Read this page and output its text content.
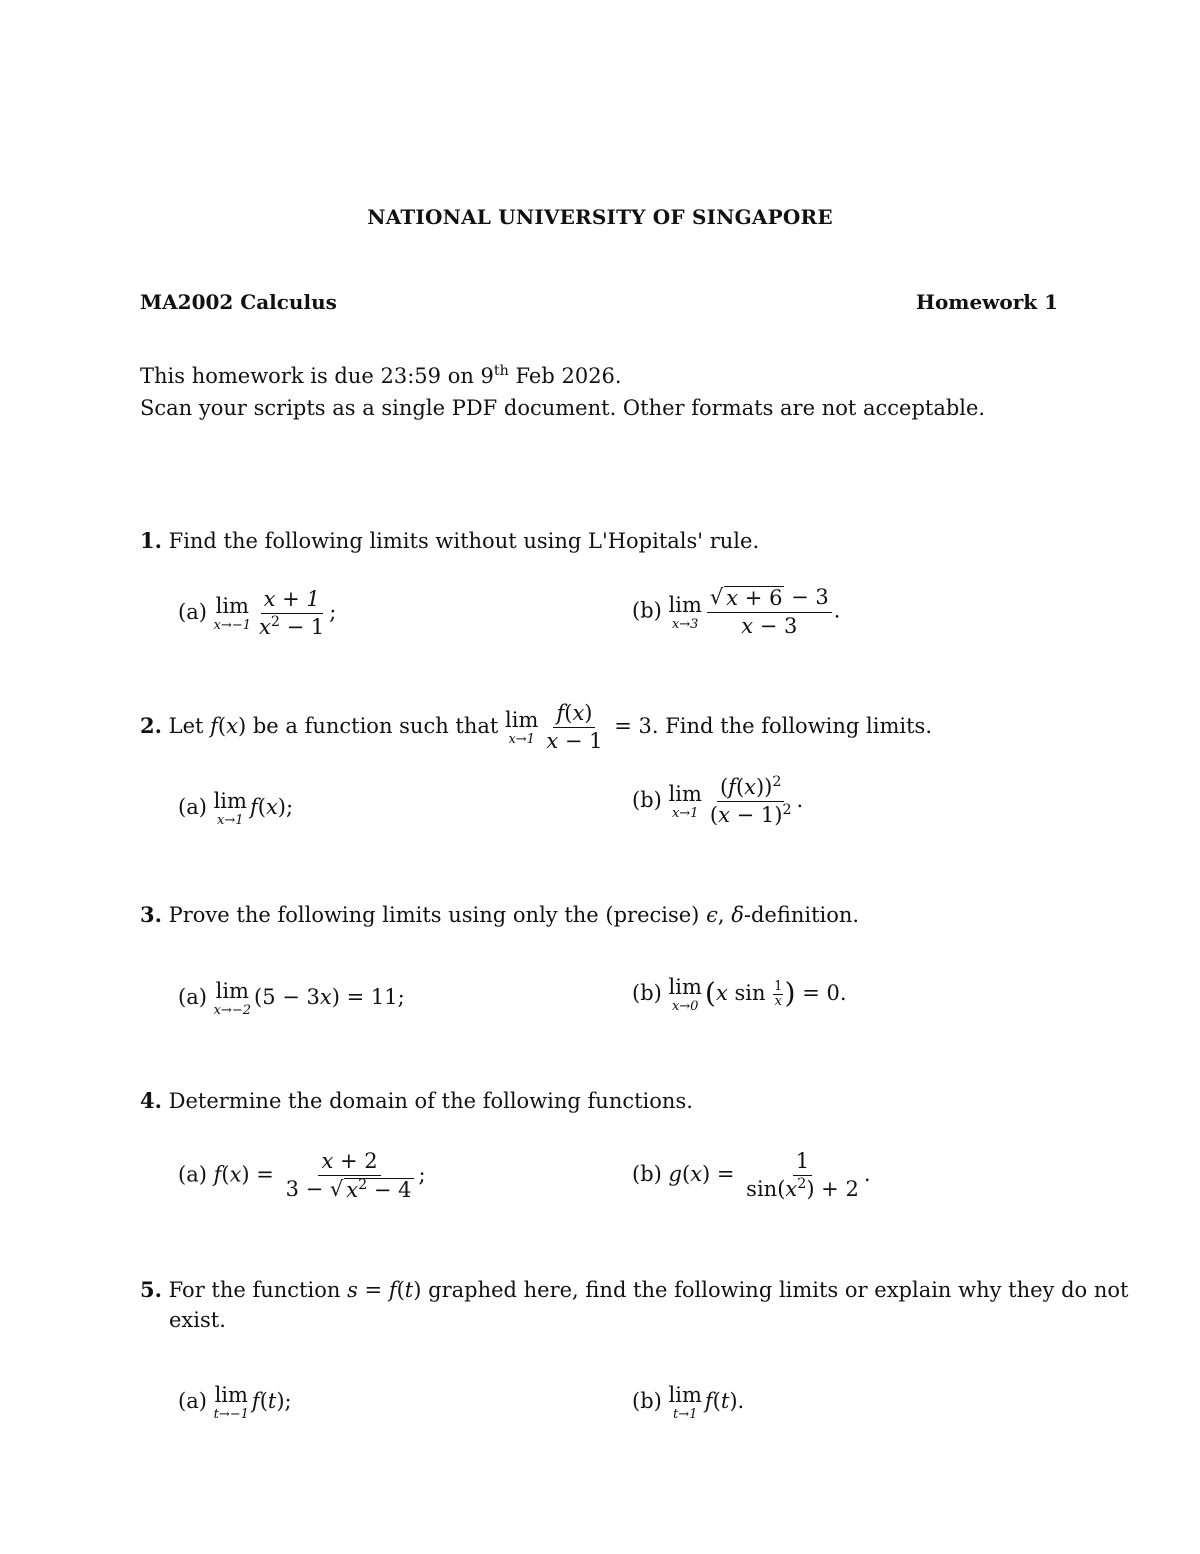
NATIONAL UNIVERSITY OF SINGAPORE
MA2002 Calculus	Homework 1
This homework is due 23:59 on 9th Feb 2026.
Scan your scripts as a single PDF document. Other formats are not acceptable.
1. Find the following limits without using L'Hopitals' rule.
(a) lim
$x\to-1 \frac{x + 1}{x^2 - 1}$ ;	(b) lim
$x\to 3 \frac{√ x + 6 - 3}{x - 3}$ .
2. Let f(x) be a function such that lim
$x\to 1 \frac{f(x)}{x - 1} = 3$. Find the following limits.
(a) lim
x→1
f(x);	(b) lim
$x\to 1 \frac{(f(x))^2}{(x - 1)^2}$ .
3. Prove the following limits using only the (precise) ϵ, δ-definition.
(a) lim
x→−2
(5 − 3x) = 11;	(b) lim
x→0 (x $\sin \frac{1}{x}$ ) = 0.
4. Determine the domain of the following functions.
(a) $f(x) = \frac{x + 2}{3 - √ x^2 - 4}$ ;	(b) $g(x) = \frac{1}{\sin(x^2) + 2}$ .
5. For the function s = f(t) graphed here, find the following limits or explain why they do not
exist.
(a) lim
t→−1
f(t);	(b) lim
t→1
f(t).
